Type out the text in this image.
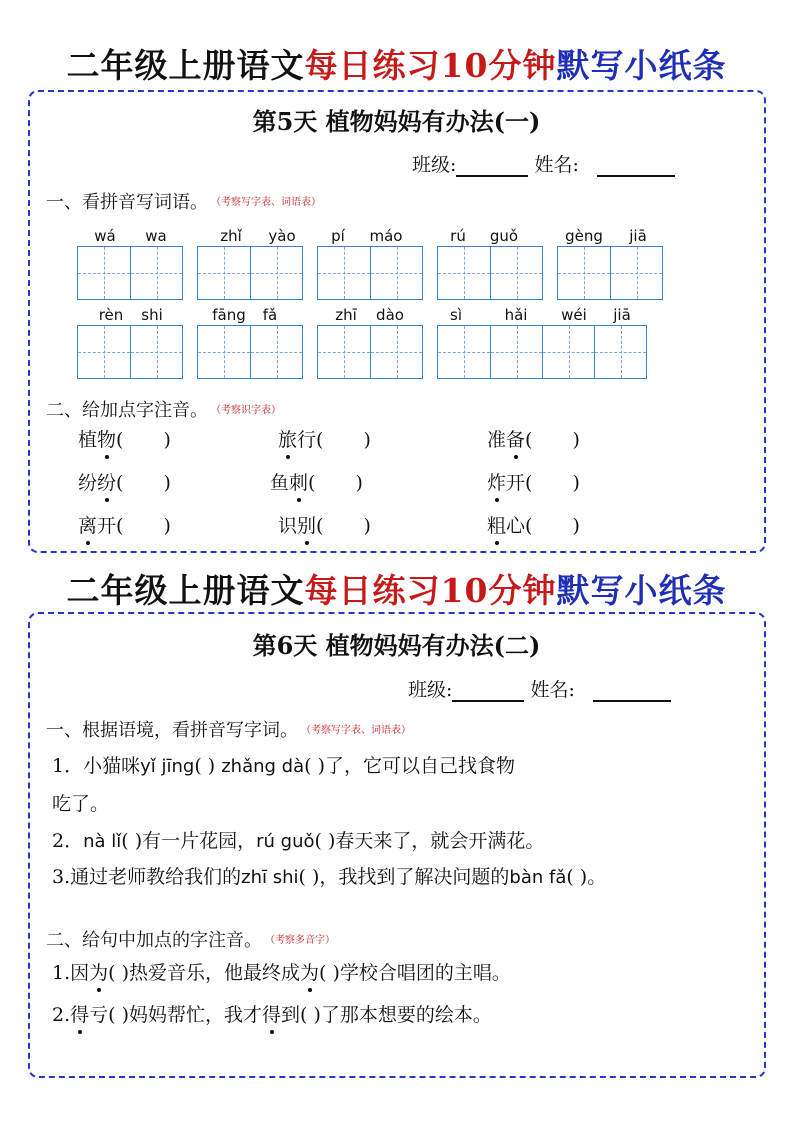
二年级上册语文每日练习10分钟默写小纸条
第5天 植物妈妈有办法(一)
班级:	姓名:
一、看拼音写词语。 （考察写字表、词语表）
wá	wa	zhǐ	yào	pí	máo	rú	guǒ	gèng	jiā
rèn	shi	fāng	fǎ	zhī	dào	sì	hǎi	wéi	jiā
二、给加点字注音。 （考察识字表）
植物( )	旅行( )	准备( )
纷纷( )	鱼刺( )	炸开( )
离开( )	识别( )	粗心( )
二年级上册语文每日练习10分钟默写小纸条
第6天 植物妈妈有办法(二)
班级:	姓名:
一、根据语境，看拼音写字词。 （考察写字表、词语表）
1．小猫咪yǐ jīng( ) zhǎng dà( )了，它可以自己找食物
吃了。
2．nà lǐ( )有一片花园，rú guǒ( )春天来了，就会开满花。
3.通过老师教给我们的zhī shi( )，我找到了解决问题的bàn fǎ( )。
二、给句中加点的字注音。 （考察多音字）
1.因为( )热爱音乐，他最终成为( )学校合唱团的主唱。
2.得亏( )妈妈帮忙，我才得到( )了那本想要的绘本。
